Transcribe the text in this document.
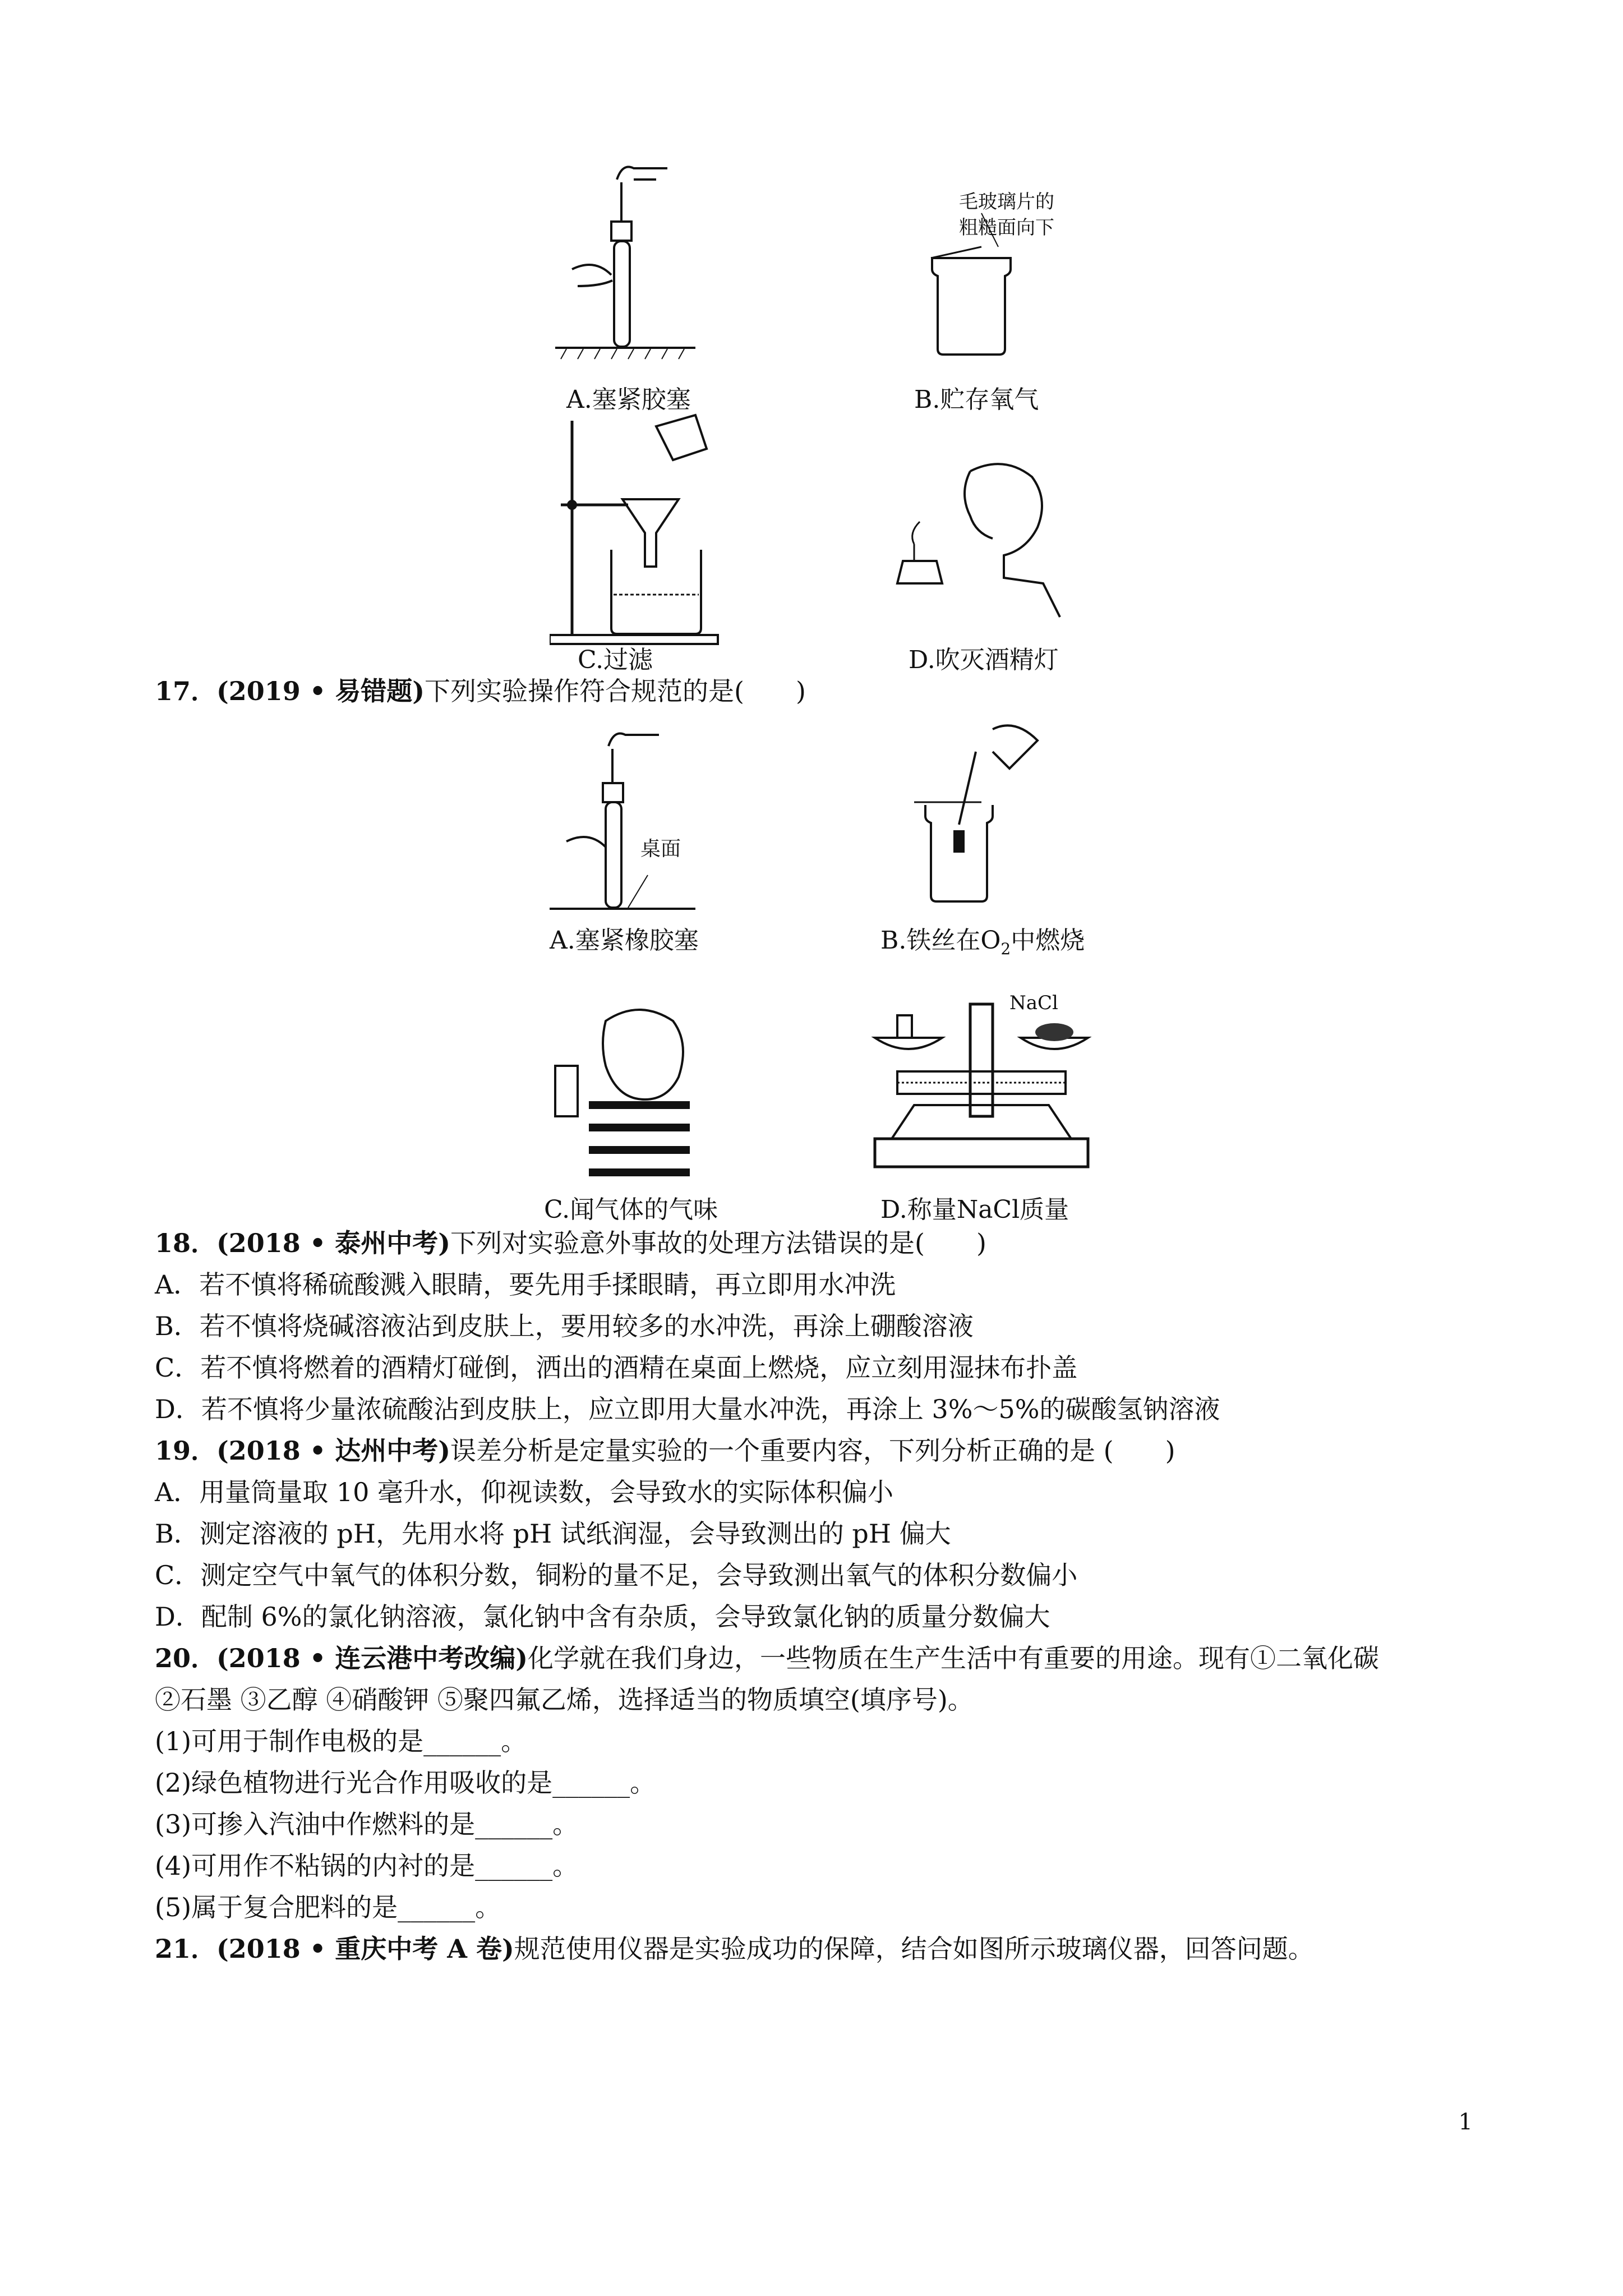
A.塞紧胶塞
毛玻璃片的
粗糙面向下
B.贮存氧气
C.过滤	D.吹灭酒精灯
17．(2019 • 易错题)下列实验操作符合规范的是(　　)
桌面
A.塞紧橡胶塞	B.铁丝在$O_2$中燃烧
C.闻气体的气味
NaCl
D.称量NaCl质量
18．(2018 • 泰州中考)下列对实验意外事故的处理方法错误的是(　　)
A．若不慎将稀硫酸溅入眼睛，要先用手揉眼睛，再立即用水冲洗
B．若不慎将烧碱溶液沾到皮肤上，要用较多的水冲洗，再涂上硼酸溶液
C．若不慎将燃着的酒精灯碰倒，洒出的酒精在桌面上燃烧，应立刻用湿抹布扑盖
D．若不慎将少量浓硫酸沾到皮肤上，应立即用大量水冲洗，再涂上 3%～5%的碳酸氢钠溶液
19．(2018 • 达州中考)误差分析是定量实验的一个重要内容，下列分析正确的是 (　　)
A．用量筒量取 10 毫升水，仰视读数，会导致水的实际体积偏小
B．测定溶液的 pH，先用水将 pH 试纸润湿，会导致测出的 pH 偏大
C．测定空气中氧气的体积分数，铜粉的量不足，会导致测出氧气的体积分数偏小
D．配制 6%的氯化钠溶液，氯化钠中含有杂质，会导致氯化钠的质量分数偏大
20．(2018 • 连云港中考改编)化学就在我们身边，一些物质在生产生活中有重要的用途。现有①二氧化碳
②石墨 ③乙醇 ④硝酸钾 ⑤聚四氟乙烯，选择适当的物质填空(填序号)。
(1)可用于制作电极的是______。
(2)绿色植物进行光合作用吸收的是______。
(3)可掺入汽油中作燃料的是______。
(4)可用作不粘锅的内衬的是______。
(5)属于复合肥料的是______。
21．(2018 • 重庆中考 A 卷)规范使用仪器是实验成功的保障，结合如图所示玻璃仪器，回答问题。
1
